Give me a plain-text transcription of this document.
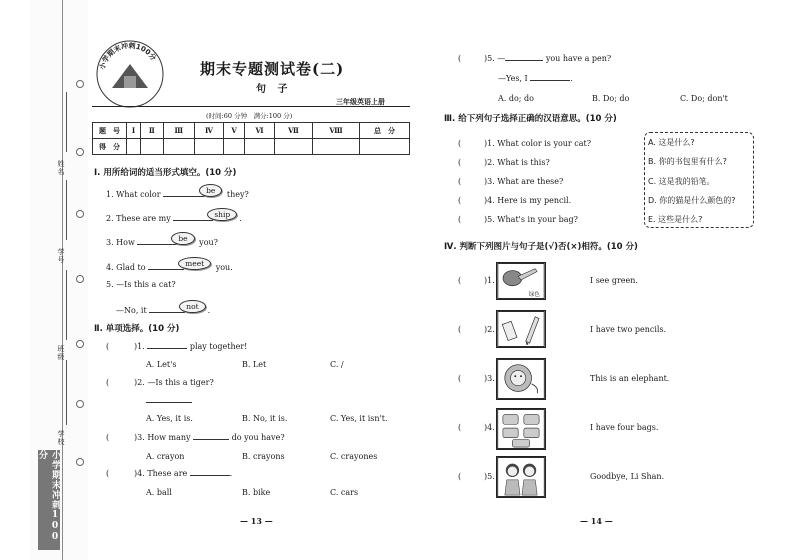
姓名
学号
班级
学校
小学期末冲刺100分
小学期末冲刺100分
期末专题测试卷(二)
句 子
三年级英语上册
(时间:60 分钟　满分:100 分)
题　号	Ⅰ	Ⅱ	Ⅲ	Ⅳ	Ⅴ	Ⅵ	Ⅶ	Ⅷ	总　分
得　分									
Ⅰ. 用所给词的适当形式填空。(10 分)
1. What color	be they?
2. These are my	ship .
3. How	be you?
4. Glad to	meet you.
5. —Is this a cat?
—No, it	not .
Ⅱ. 单项选择。(10 分)
(   )1.	play together!
A. Let's	B. Let	C. /
(   )2. —Is this a tiger?
A. Yes, it is.	B. No, it is.	C. Yes, it isn't.
(   )3. How many	do you have?
A. crayon	B. crayons	C. crayones
(   )4. These are	.
A. ball	B. bike	C. cars
— 13 —
(   )5. —	you have a pen?
—Yes, I	.
A. do; do	B. Do; do	C. Do; don't
Ⅲ. 给下列句子选择正确的汉语意思。(10 分)
(   )1. What color is your cat?
(   )2. What is this?
(   )3. What are these?
(   )4. Here is my pencil.
(   )5. What's in your bag?
A. 这是什么?
B. 你的书包里有什么?
C. 这是我的铅笔。
D. 你的猫是什么颜色的?
E. 这些是什么?
Ⅳ. 判断下列图片与句子是(√)否(×)相符。(10 分)
(   )1.
绿色
I see green.
(   )2.	I have two pencils.
(   )3.	This is an elephant.
(   )4.	I have four bags.
(   )5.	Goodbye, Li Shan.
— 14 —
